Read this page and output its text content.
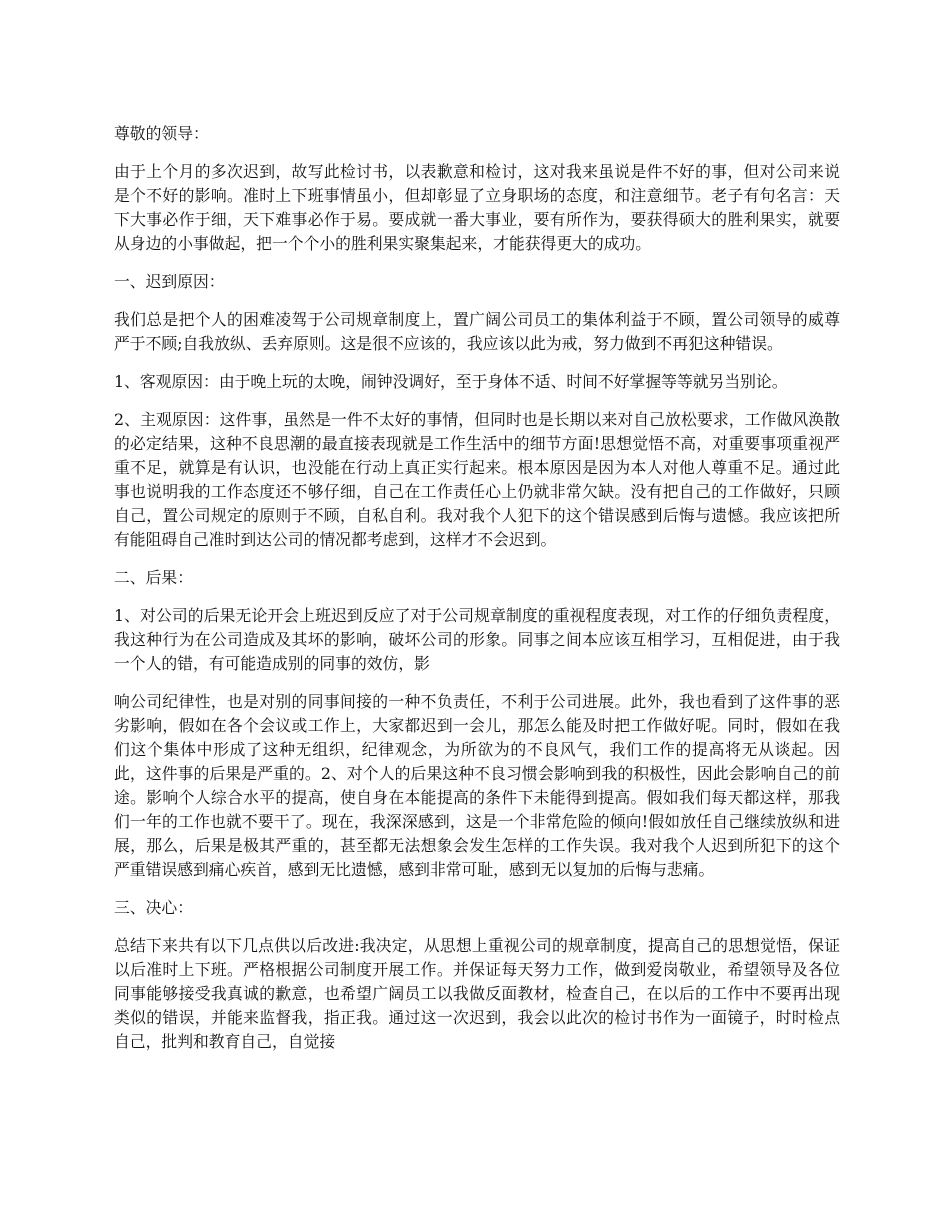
尊敬的领导：

由于上个月的多次迟到，故写此检讨书，以表歉意和检讨，这对我来虽说是件不好的事，但对公司来说是个不好的影响。准时上下班事情虽小，但却彰显了立身职场的态度，和注意细节。老子有句名言：天下大事必作于细，天下难事必作于易。要成就一番大事业，要有所作为，要获得硕大的胜利果实，就要从身边的小事做起，把一个个小的胜利果实聚集起来，才能获得更大的成功。

一、迟到原因：

我们总是把个人的困难凌驾于公司规章制度上，置广阔公司员工的集体利益于不顾，置公司领导的威尊严于不顾;自我放纵、丢弃原则。这是很不应该的，我应该以此为戒，努力做到不再犯这种错误。

1、客观原因：由于晚上玩的太晚，闹钟没调好，至于身体不适、时间不好掌握等等就另当别论。

2、主观原因：这件事，虽然是一件不太好的事情，但同时也是长期以来对自己放松要求，工作做风涣散的必定结果，这种不良思潮的最直接表现就是工作生活中的细节方面!思想觉悟不高，对重要事项重视严重不足，就算是有认识，也没能在行动上真正实行起来。根本原因是因为本人对他人尊重不足。通过此事也说明我的工作态度还不够仔细，自己在工作责任心上仍就非常欠缺。没有把自己的工作做好，只顾自己，置公司规定的原则于不顾，自私自利。我对我个人犯下的这个错误感到后悔与遗憾。我应该把所有能阻碍自己准时到达公司的情况都考虑到，这样才不会迟到。

二、后果：

1、对公司的后果无论开会上班迟到反应了对于公司规章制度的重视程度表现，对工作的仔细负责程度，我这种行为在公司造成及其坏的影响，破坏公司的形象。同事之间本应该互相学习，互相促进，由于我一个人的错，有可能造成别的同事的效仿，影

响公司纪律性，也是对别的同事间接的一种不负责任，不利于公司进展。此外，我也看到了这件事的恶劣影响，假如在各个会议或工作上，大家都迟到一会儿，那怎么能及时把工作做好呢。同时，假如在我们这个集体中形成了这种无组织，纪律观念，为所欲为的不良风气，我们工作的提高将无从谈起。因此，这件事的后果是严重的。2、对个人的后果这种不良习惯会影响到我的积极性，因此会影响自己的前途。影响个人综合水平的提高，使自身在本能提高的条件下未能得到提高。假如我们每天都这样，那我们一年的工作也就不要干了。现在，我深深感到，这是一个非常危险的倾向!假如放任自己继续放纵和进展，那么，后果是极其严重的，甚至都无法想象会发生怎样的工作失误。我对我个人迟到所犯下的这个严重错误感到痛心疾首，感到无比遗憾，感到非常可耻，感到无以复加的后悔与悲痛。

三、决心：

总结下来共有以下几点供以后改进:我决定，从思想上重视公司的规章制度，提高自己的思想觉悟，保证以后准时上下班。严格根据公司制度开展工作。并保证每天努力工作，做到爱岗敬业，希望领导及各位同事能够接受我真诚的歉意，也希望广阔员工以我做反面教材，检查自己，在以后的工作中不要再出现类似的错误，并能来监督我，指正我。通过这一次迟到，我会以此次的检讨书作为一面镜子，时时检点自己，批判和教育自己，自觉接
